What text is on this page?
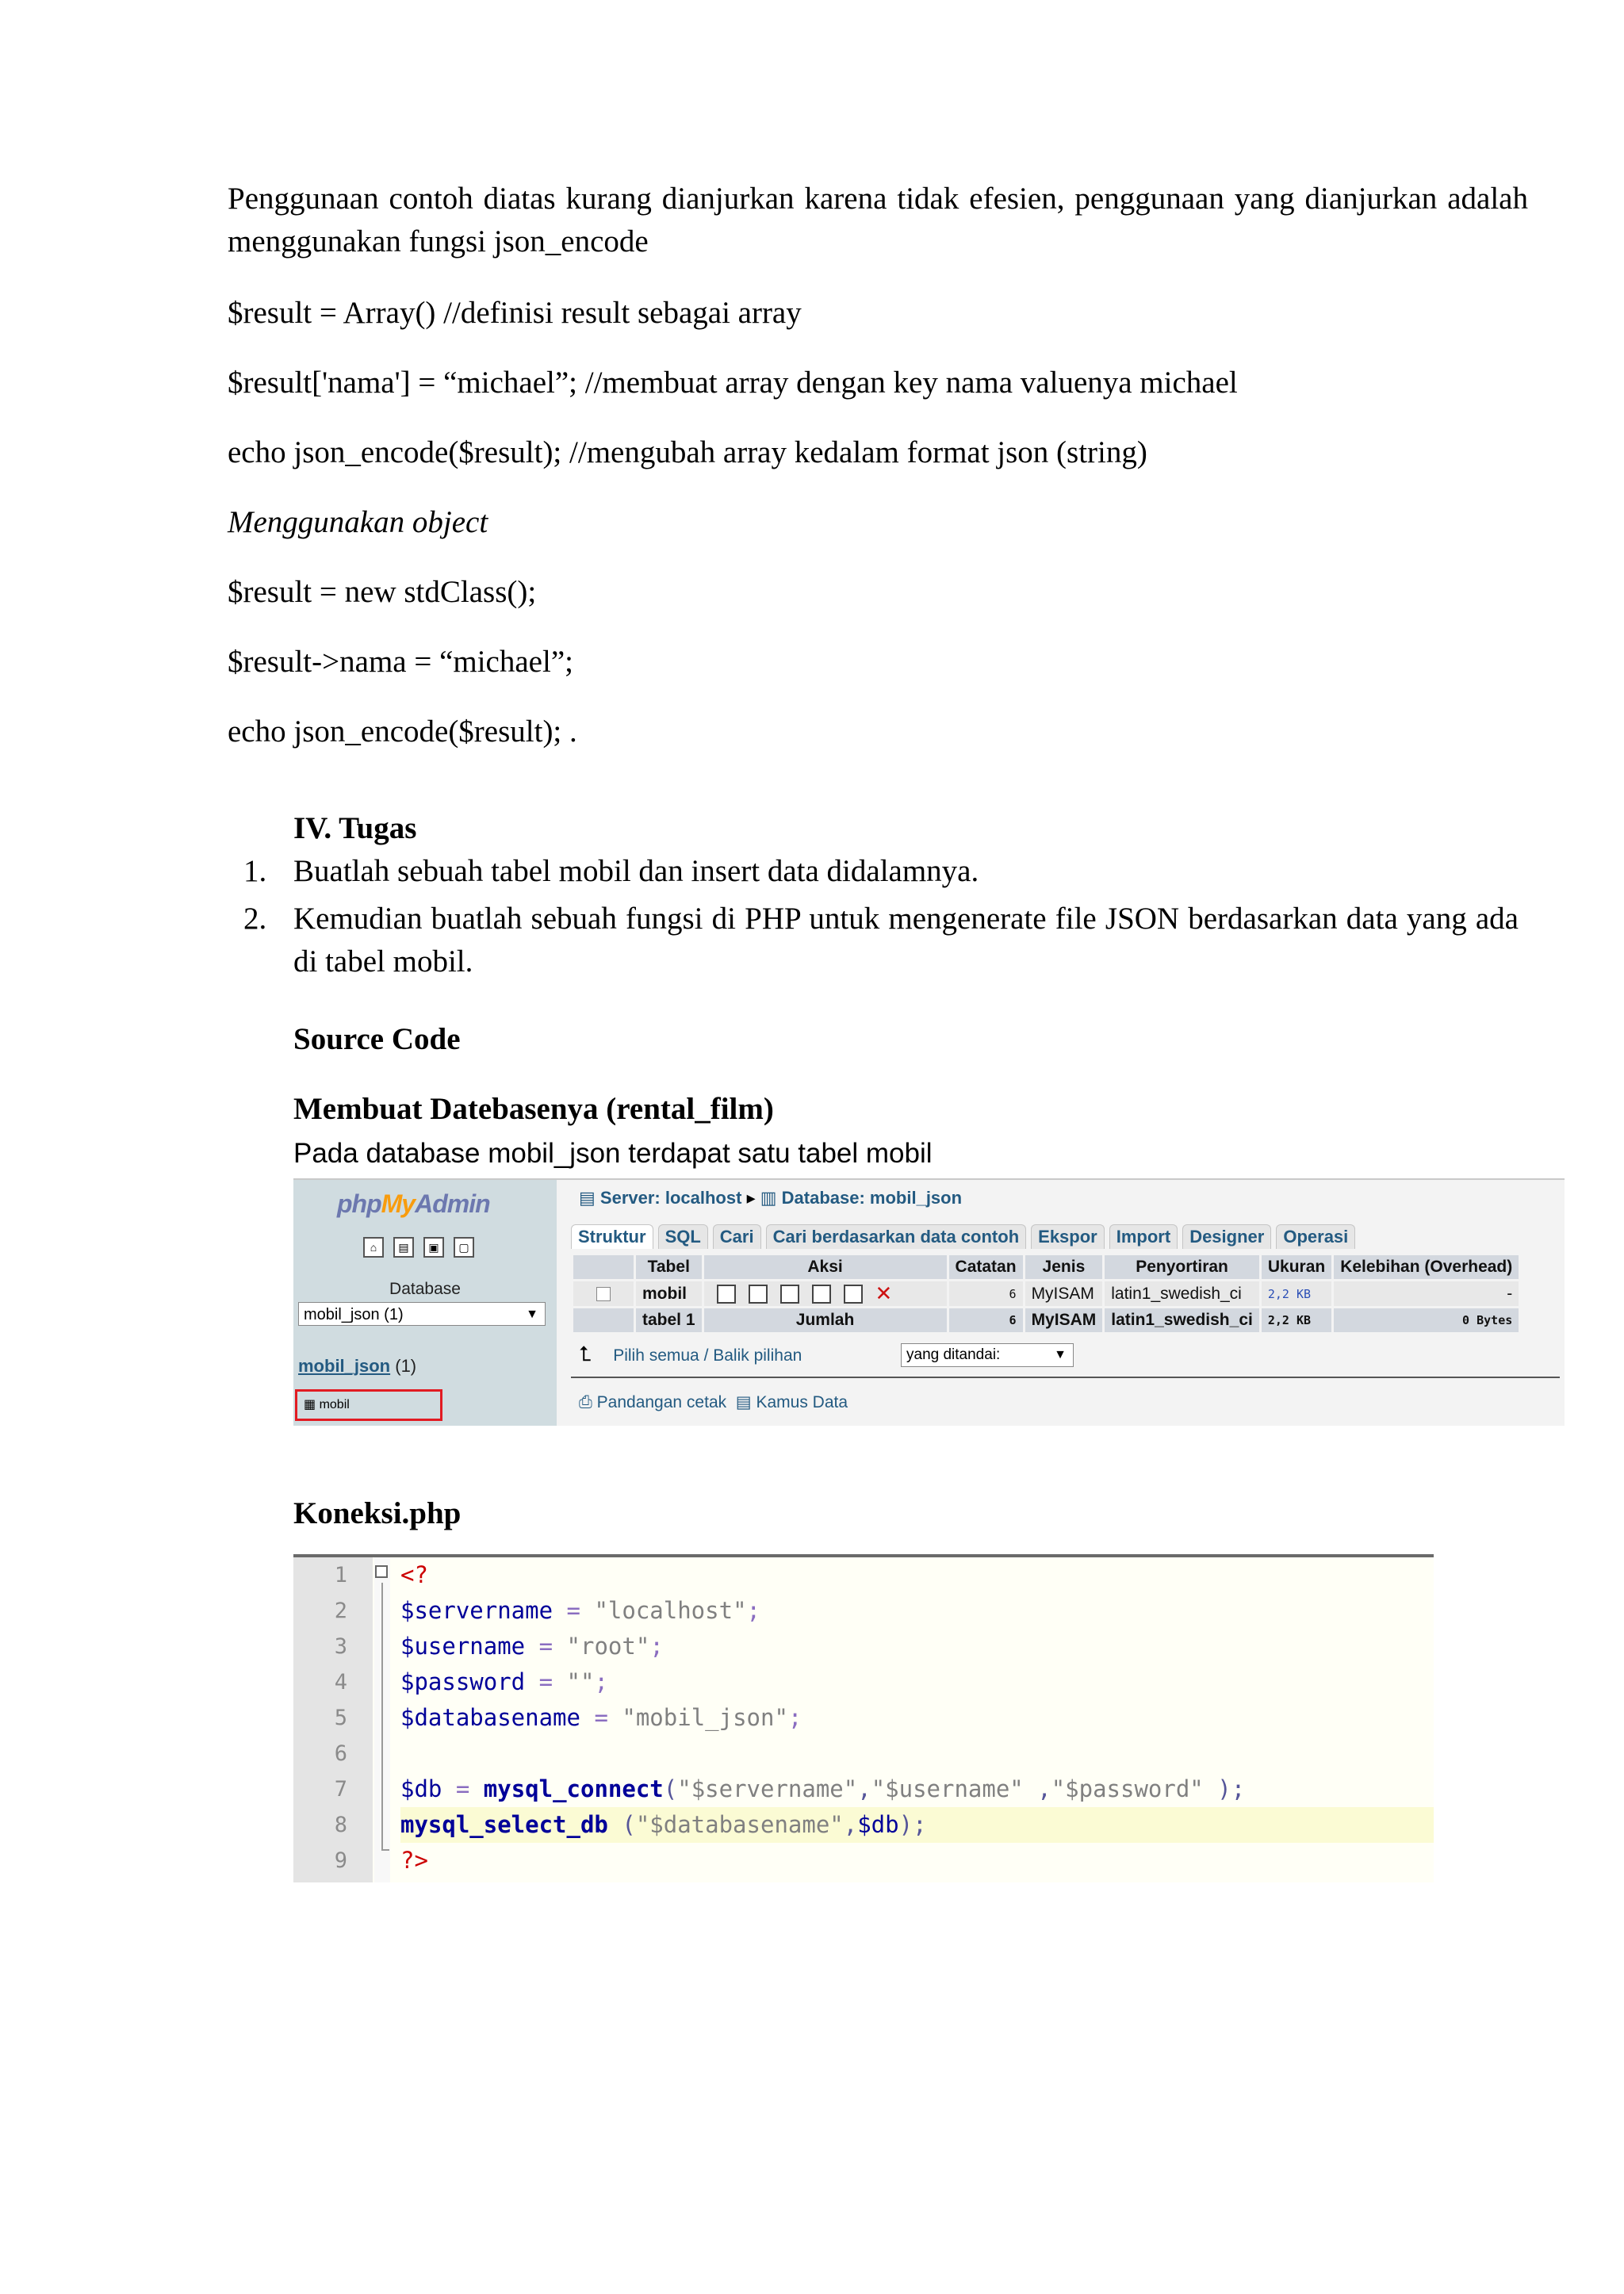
Penggunaan contoh diatas kurang dianjurkan karena tidak efesien, penggunaan yang dianjurkan adalah menggunakan fungsi json_encode
$result = Array() //definisi result sebagai array
$result['nama'] = “michael”; //membuat array dengan key nama valuenya michael
echo json_encode($result); //mengubah array kedalam format json (string)
Menggunakan object
$result = new stdClass();
$result->nama = “michael”;
echo json_encode($result); .
IV. Tugas
1. Buatlah sebuah tabel mobil dan insert data didalamnya.
2. Kemudian buatlah sebuah fungsi di PHP untuk mengenerate file JSON berdasarkan data yang ada di tabel mobil.
Source Code
Membuat Datebasenya (rental_film)
Pada database mobil_json terdapat satu tabel mobil
phpMyAdmin
⌂	▤	▣	▢
Database
mobil_json (1)	▼
mobil_json (1)
▦ mobil
▤ Server: localhost ▸ ▥ Database: mobil_json
Struktur	SQL	Cari	Cari berdasarkan data contoh	Ekspor	Import	Designer	Operasi
	Tabel	Aksi	Catatan	Jenis	Penyortiran	Ukuran	Kelebihan (Overhead)
	mobil	✕	6	MyISAM	latin1_swedish_ci	2,2 KB	-
	tabel 1	Jumlah	6	MyISAM	latin1_swedish_ci	2,2 KB	0 Bytes
⮤ Pilih semua / Balik pilihan	yang ditandai:	▼
⎙ Pandangan cetak ▤ Kamus Data
Koneksi.php
1
2
3
4
5
6
7
8
9
<?
$servername = "localhost";
$username = "root";
$password = "";
$databasename = "mobil_json";
$db = mysql_connect("$servername","$username" ,"$password" );
mysql_select_db ("$databasename",$db);
?>
